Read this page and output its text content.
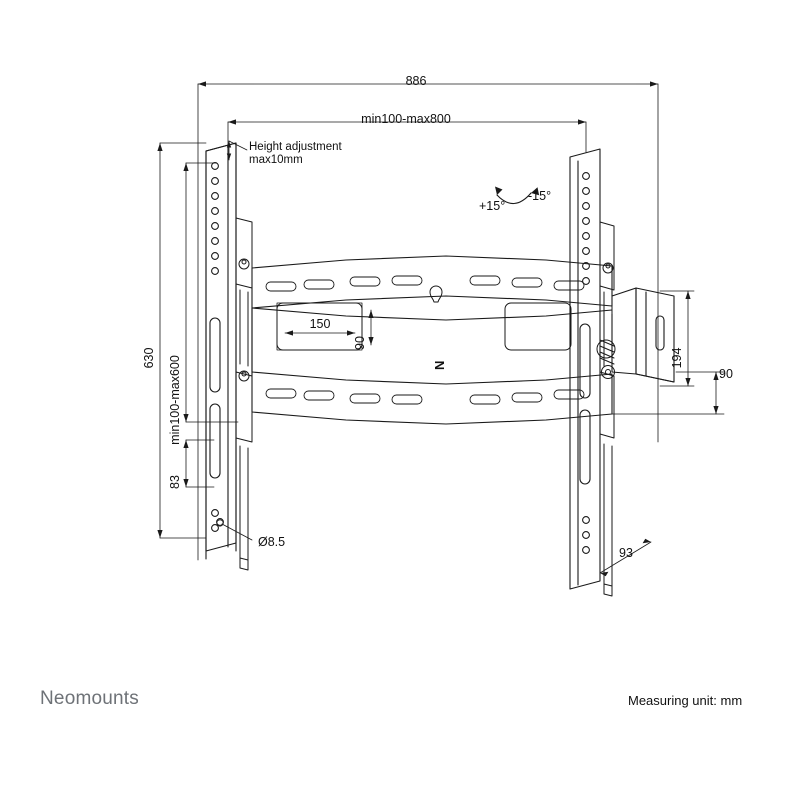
886
min100-max800
630 min100-max600
83
Height adjustment
max10mm
+15°
-15°
150
90
194
90
Ø8.5
93
N
Neomounts	Measuring unit: mm
